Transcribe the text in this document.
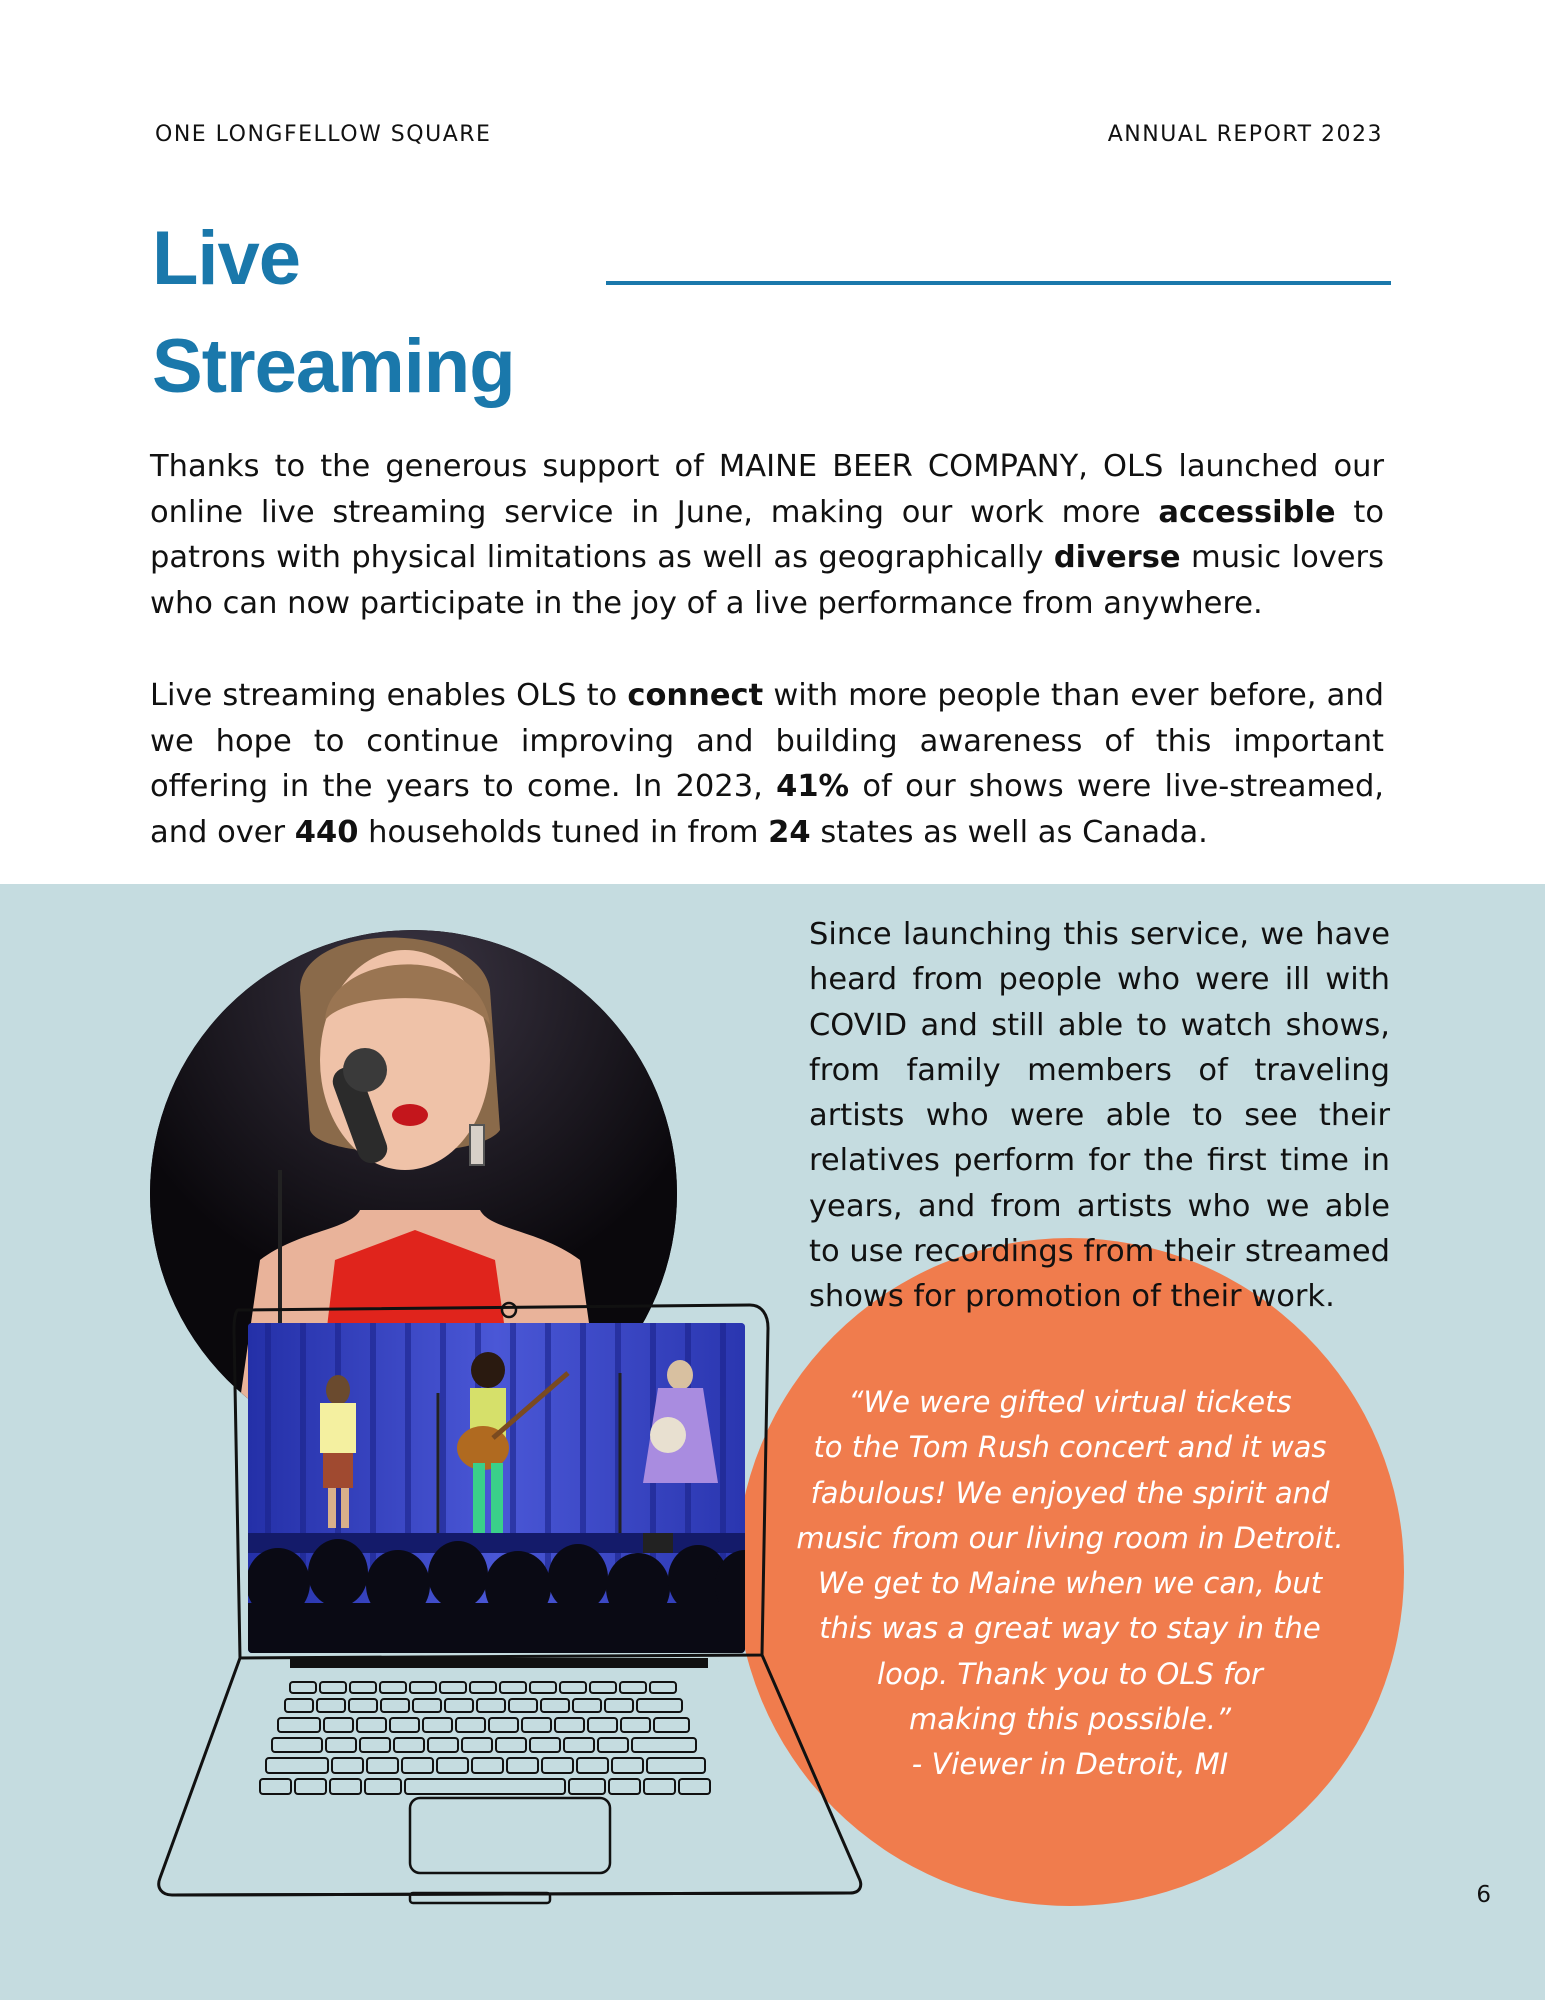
ONE LONGFELLOW SQUARE	ANNUAL REPORT 2023
Live
Streaming

Thanks to the generous support of MAINE BEER COMPANY, OLS launched our online live streaming service in June, making our work more accessible to patrons with physical limitations as well as geographically diverse music lovers who can now participate in the joy of a live performance from anywhere.

Live streaming enables OLS to connect with more people than ever before, and we hope to continue improving and building awareness of this important offering in the years to come. In 2023, 41% of our shows were live-streamed, and over 440 households tuned in from 24 states as well as Canada.

Since launching this service, we have heard from people who were ill with COVID and still able to watch shows, from family members of traveling artists who were able to see their relatives perform for the first time in years, and from artists who we able to use recordings from their streamed shows for promotion of their work.

“We were gifted virtual tickets
to the Tom Rush concert and it was
fabulous! We enjoyed the spirit and
music from our living room in Detroit.
We get to Maine when we can, but
this was a great way to stay in the
loop. Thank you to OLS for
making this possible.”
- Viewer in Detroit, MI
6
